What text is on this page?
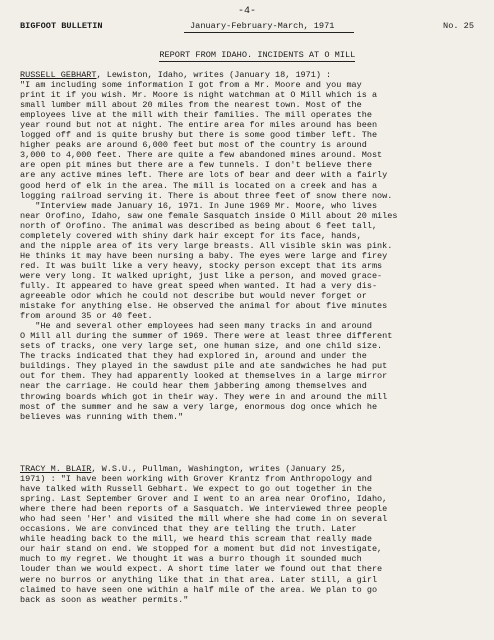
-4-

BIGFOOT BULLETIN

	January-February-March, 1971

	No. 25

REPORT FROM IDAHO. INCIDENTS AT O MILL

RUSSELL GEBHART, Lewiston, Idaho, writes (January 18, 1971) :
"I am including some information I got from a Mr. Moore and you may
print it if you wish. Mr. Moore is night watchman at O Mill which is a
small lumber mill about 20 miles from the nearest town. Most of the
employees live at the mill with their families. The mill operates the
year round but not at night. The entire area for miles around has been
logged off and is quite brushy but there is some good timber left. The
higher peaks are around 6,000 feet but most of the country is around
3,000 to 4,000 feet. There are quite a few abandoned mines around. Most
are open pit mines but there are a few tunnels. I don't believe there
are any active mines left. There are lots of bear and deer with a fairly
good herd of elk in the area. The mill is located on a creek and has a
logging railroad serving it. There is about three feet of snow there now.
"Interview made January 16, 1971. In June 1969 Mr. Moore, who lives
near Orofino, Idaho, saw one female Sasquatch inside O Mill about 20 miles
north of Orofino. The animal was described as being about 6 feet tall,
completely covered with shiny dark hair except for its face, hands,
and the nipple area of its very large breasts. All visible skin was pink.
He thinks it may have been nursing a baby. The eyes were large and firey
red. It was built like a very heavy, stocky person except that its arms
were very long. It walked upright, just like a person, and moved grace-
fully. It appeared to have great speed when wanted. It had a very dis-
agreeable odor which he could not describe but would never forget or
mistake for anything else. He observed the animal for about five minutes
from around 35 or 40 feet.
"He and several other employees had seen many tracks in and around
O Mill all during the summer of 1969. There were at least three different
sets of tracks, one very large set, one human size, and one child size.
The tracks indicated that they had explored in, around and under the
buildings. They played in the sawdust pile and ate sandwiches he had put
out for them. They had apparently looked at themselves in a large mirror
near the carriage. He could hear them jabbering among themselves and
throwing boards which got in their way. They were in and around the mill
most of the summer and he saw a very large, enormous dog once which he
believes was running with them."
TRACY M. BLAIR, W.S.U., Pullman, Washington, writes (January 25,
1971) : "I have been working with Grover Krantz from Anthropology and
have talked with Russell Gebhart. We expect to go out together in the
spring. Last September Grover and I went to an area near Orofino, Idaho,
where there had been reports of a Sasquatch. We interviewed three people
who had seen 'Her' and visited the mill where she had come in on several
occasions. We are convinced that they are telling the truth. Later
while heading back to the mill, we heard this scream that really made
our hair stand on end. We stopped for a moment but did not investigate,
much to my regret. We thought it was a burro though it sounded much
louder than we would expect. A short time later we found out that there
were no burros or anything like that in that area. Later still, a girl
claimed to have seen one within a half mile of the area. We plan to go
back as soon as weather permits."
